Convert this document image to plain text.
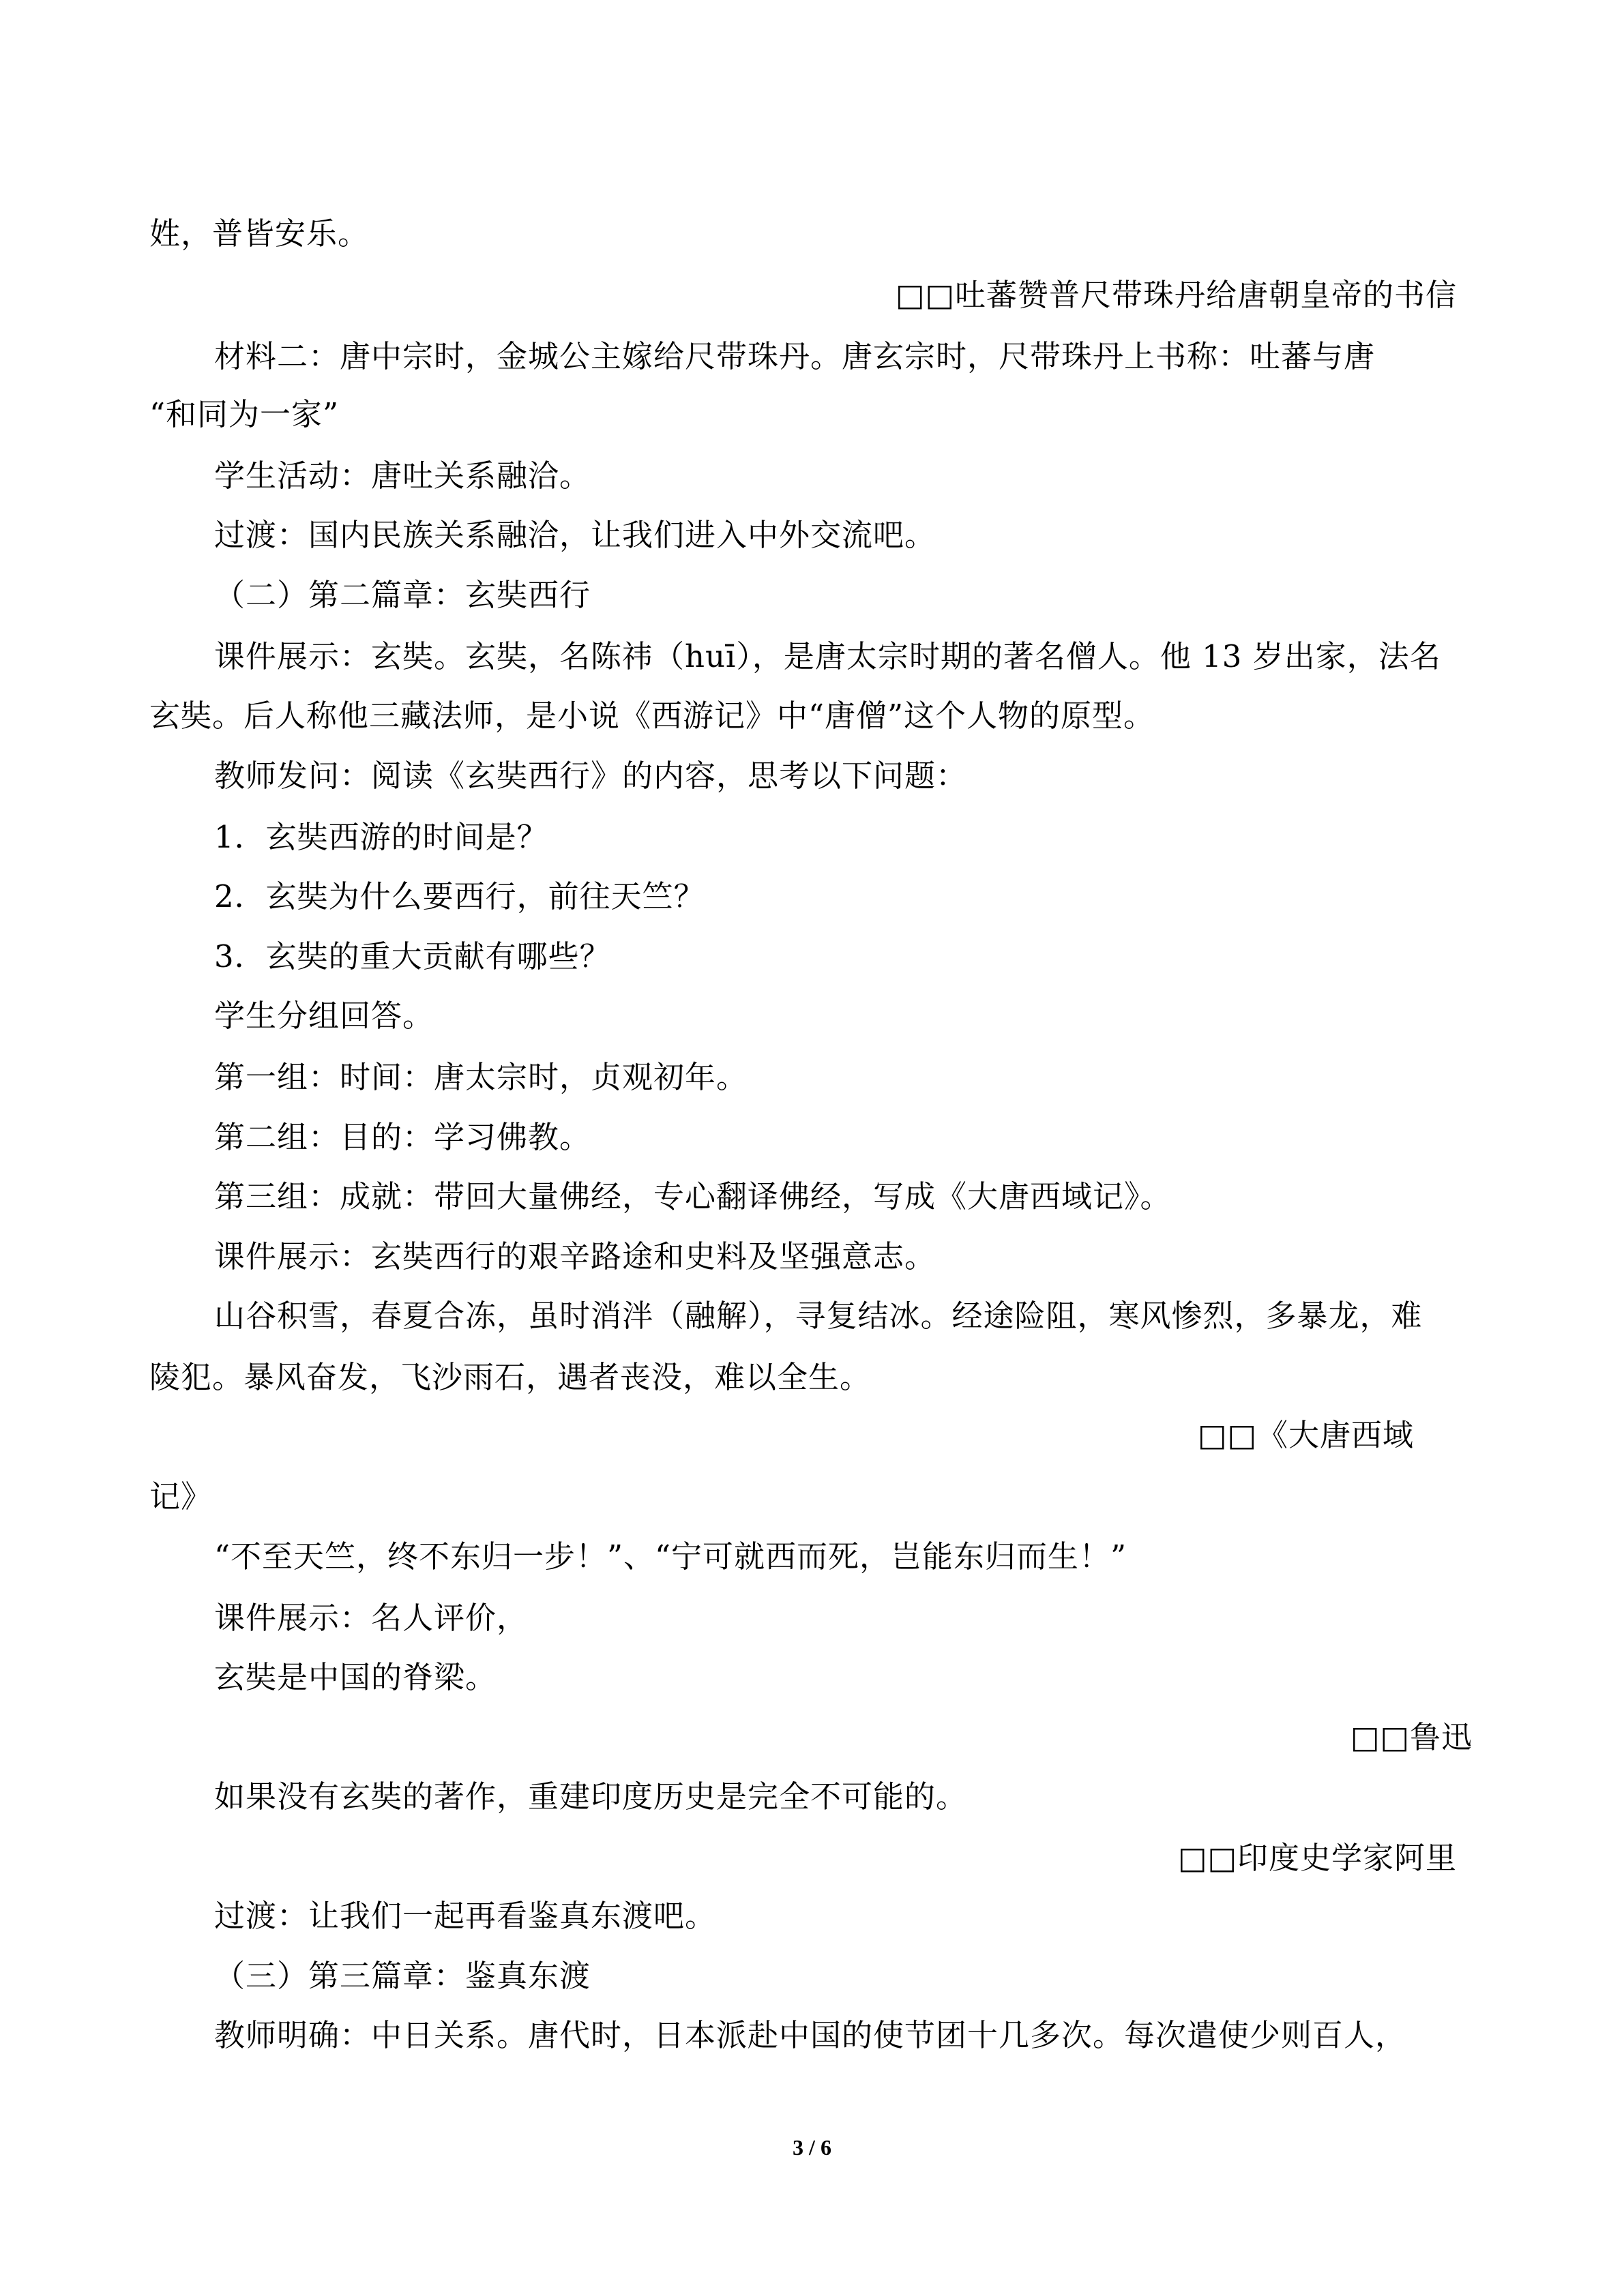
姓，普皆安乐。
□□吐蕃赞普尺带珠丹给唐朝皇帝的书信
材料二：唐中宗时，金城公主嫁给尺带珠丹。唐玄宗时，尺带珠丹上书称：吐蕃与唐
“和同为一家”
学生活动：唐吐关系融洽。
过渡：国内民族关系融洽，让我们进入中外交流吧。
（二）第二篇章：玄奘西行
课件展示：玄奘。玄奘，名陈祎（huī），是唐太宗时期的著名僧人。他 13 岁出家，法名
玄奘。后人称他三藏法师，是小说《西游记》中“唐僧”这个人物的原型。
教师发问：阅读《玄奘西行》的内容，思考以下问题：
1．玄奘西游的时间是？
2．玄奘为什么要西行，前往天竺？
3．玄奘的重大贡献有哪些？
学生分组回答。
第一组：时间：唐太宗时，贞观初年。
第二组：目的：学习佛教。
第三组：成就：带回大量佛经，专心翻译佛经，写成《大唐西域记》。
课件展示：玄奘西行的艰辛路途和史料及坚强意志。
山谷积雪，春夏合冻，虽时消泮（融解），寻复结冰。经途险阻，寒风惨烈，多暴龙，难
陵犯。暴风奋发，飞沙雨石，遇者丧没，难以全生。
□□《大唐西域
记》
“不至天竺，终不东归一步！”、“宁可就西而死，岂能东归而生！”
课件展示：名人评价，
玄奘是中国的脊梁。
□□鲁迅
如果没有玄奘的著作，重建印度历史是完全不可能的。
□□印度史学家阿里
过渡：让我们一起再看鉴真东渡吧。
（三）第三篇章：鉴真东渡
教师明确：中日关系。唐代时，日本派赴中国的使节团十几多次。每次遣使少则百人，
3 / 6
